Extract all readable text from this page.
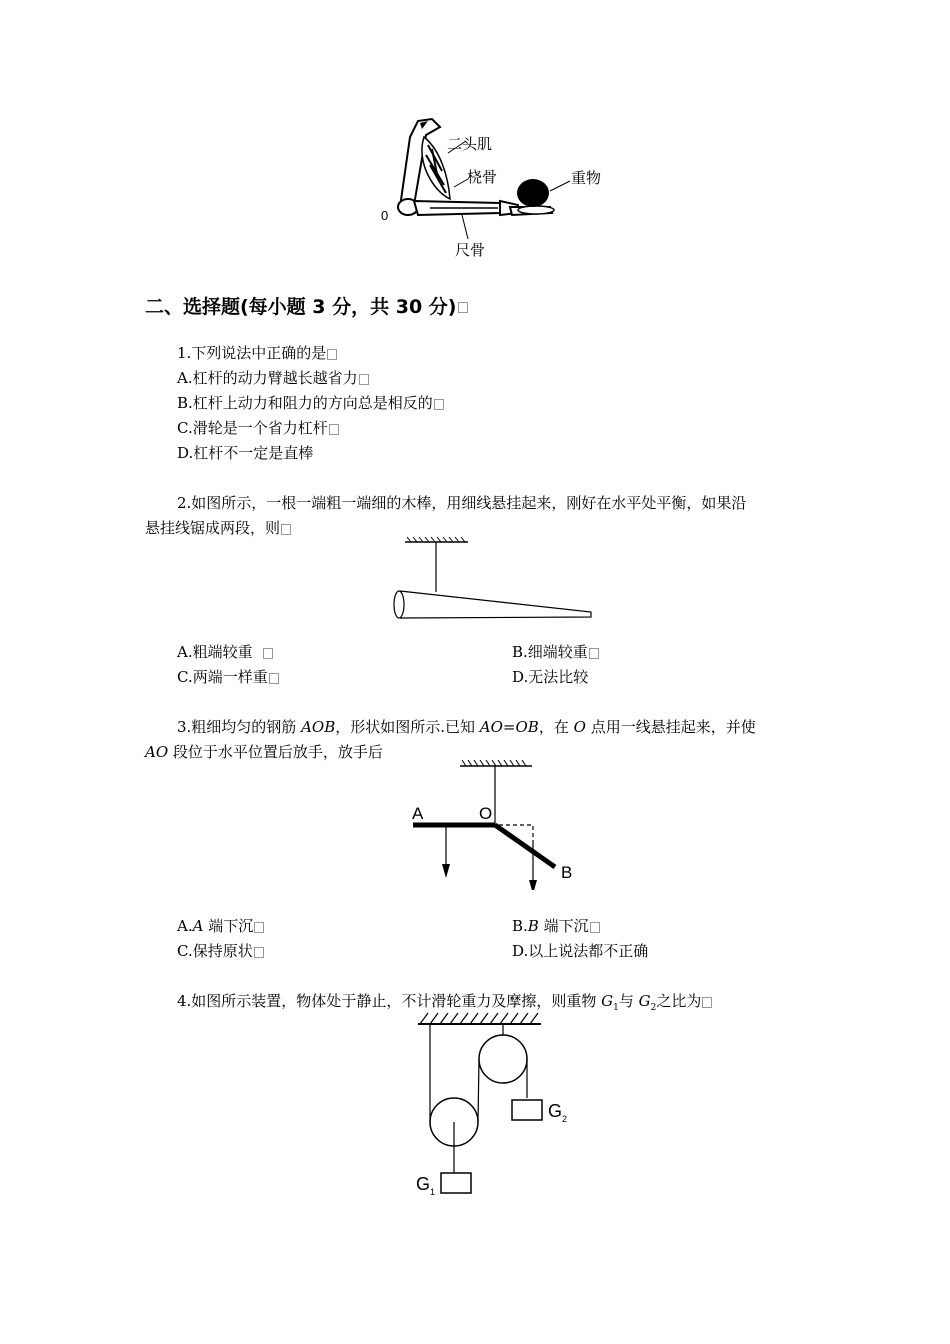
二头肌
桡骨	重物
尺骨
0
二、选择题(每小题 3 分，共 30 分)
1.下列说法中正确的是
A.杠杆的动力臂越长越省力
B.杠杆上动力和阻力的方向总是相反的
C.滑轮是一个省力杠杆
D.杠杆不一定是直棒
2.如图所示，一根一端粗一端细的木棒，用细线悬挂起来，刚好在水平处平衡，如果沿
悬挂线锯成两段，则
A.粗端较重	B.细端较重
C.两端一样重	D.无法比较
3.粗细均匀的钢筋 AOB，形状如图所示.已知 AO=OB，在 O 点用一线悬挂起来，并使
AO 段位于水平位置后放手，放手后
A	O
B
A.A 端下沉	B.B 端下沉
C.保持原状	D.以上说法都不正确
4.如图所示装置，物体处于静止，不计滑轮重力及摩擦，则重物 $G_1$与 $G_2$之比为
$G_2$
$G_1$
